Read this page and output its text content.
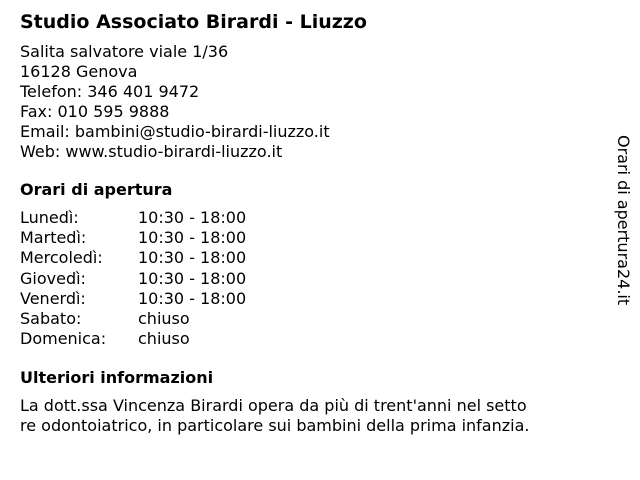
Studio Associato Birardi - Liuzzo
Salita salvatore viale 1/36
16128 Genova
Telefon: 346 401 9472
Fax: 010 595 9888
Email: bambini@studio-birardi-liuzzo.it
Web: www.studio-birardi-liuzzo.it
Orari di apertura
Lunedì:	10:30 - 18:00
Martedì:	10:30 - 18:00
Mercoledì:	10:30 - 18:00
Giovedì:	10:30 - 18:00
Venerdì:	10:30 - 18:00
Sabato:	chiuso
Domenica:	chiuso
Ulteriori informazioni
La dott.ssa Vincenza Birardi opera da più di trent'anni nel setto
re odontoiatrico, in particolare sui bambini della prima infanzia.
Orari di apertura24.it
